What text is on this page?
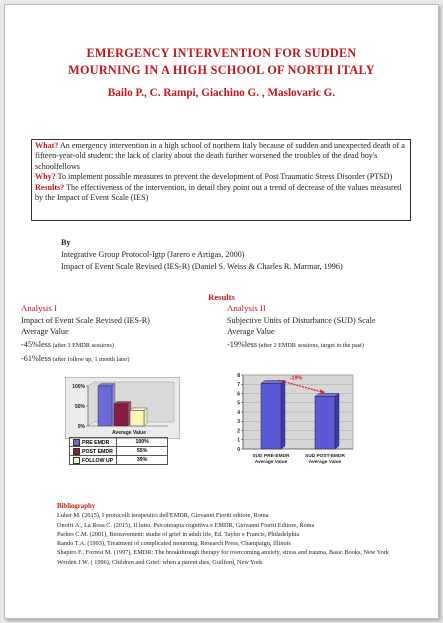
EMERGENCY INTERVENTION FOR SUDDEN
MOURNING IN A HIGH SCHOOL OF NORTH ITALY
Bailo P., C. Rampi, Giachino G. , Maslovaric G.
What? An emergency intervention in a high school of northern Italy because of sudden and unexpected death of a fifteen-year-old student; the lack of clarity about the death further worsened the troubles of the dead boy's schoolfellows
Why? To implement possible measures to prevent the development of Post Traumatic Stress Disorder (PTSD)
Results? The effectiveness of the intervention, in detail they point out a trend of decrease of the values measured by the Impact of Event Scale (IES)
By
Integrative Group Protocol-Igtp (Jarero e Artigas, 2000)
Impact of Event Scale Revised (IES-R) (Daniel S. Weiss & Charles R. Marmar, 1996)
Results
Analysis I
Impact of Event Scale Revised (IES-R)
Average Value
-45%less (after 3 EMDR sessions)
-61%less (after follow up, 1 month later)
Analysis II
Subjective Units of Disturbance (SUD) Scale
Average Value
-19%less (after 2 EMDR sessions, target in the past)
0%
50%
100%
Average Value
PRE EMDR	100%
POST EMDR	55%
FOLLOW UP	39%
0
1
2
3
4
5
6
7
8
SUD PRE-EMDR
Average Value
SUD POST-EMDR
Average Value
-19%
Bibliography
Luber M. (2015), I protocolli terapeutici dell'EMDR, Giovanni Fioriti editore, Roma
Onofri A., La Rosa C. (2015), Il lutto. Psicoterapia cognitiva e EMDR, Giovanni Fioriti Editore, Roma
Parkes C.M. (2001), Bereavement: studie of grief in adult life, Ed. Taylor e Francis, Philadelphia
Rando T.A. (1993), Treatment of complicated mourning, Research Press, Champaign, Illinois
Shapiro F., Forrest M. (1997), EMDR: The breakthrough therapy for overcoming anxiety, stress and trauma, Basic Books, New York
Worden J.W. ( 1996), Children and Grief: when a parent dies, Guilford, New York
